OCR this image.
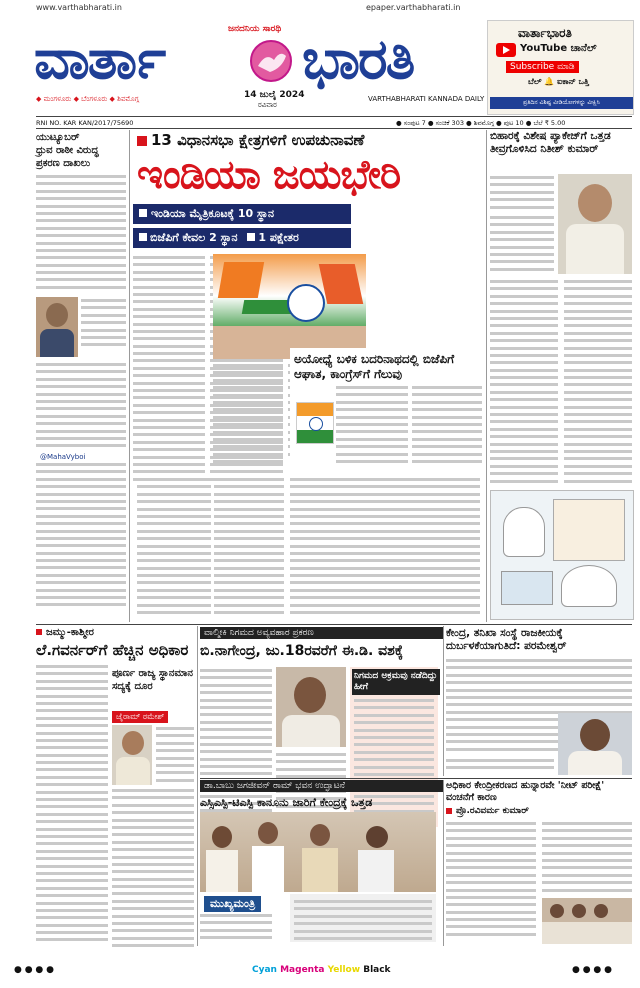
www.varthabharati.in
ಜನದನಿಯ ಸಾರಥಿ
epaper.varthabharati.in
ವಾರ್ತಾ ಭಾರತಿ
◆ ಮಂಗಳೂರು ◆ ಬೆಂಗಳೂರು ◆ ಶಿವಮೊಗ್ಗ	14 ಜುಲೈ 2024
ರವಿವಾರ
VARTHABHARATI KANNADA DAILY
ವಾರ್ತಾಭಾರತಿ
YouTube ಚಾನೆಲ್
Subscribe ಮಾಡಿ
ಬೆಲ್ 🔔 ಐಕಾನ್ ಒತ್ತಿ
ಪ್ರತಿದಿನ ವಿಶಿಷ್ಟ ವೀಡಿಯೋಗಳನ್ನು ವೀಕ್ಷಿಸಿ
RNI NO. KAR KAN/2017/75690	● ಸಂಪುಟ 7 ● ಸಂಚಿಕೆ 303 ● ಶಿವಮೊಗ್ಗ ● ಪುಟ 10 ● ಬೆಲೆ ₹ 5.00
ಯುಟ್ಯೂಬರ್
ಧ್ರುವ ರಾಠೀ ವಿರುದ್ಧ
ಪ್ರಕರಣ ದಾಖಲು
@MahaVyboi
13 ವಿಧಾನಸಭಾ ಕ್ಷೇತ್ರಗಳಿಗೆ ಉಪಚುನಾವಣೆ
ಇಂಡಿಯಾ ಜಯಭೇರಿ
ಇಂಡಿಯಾ ಮೈತ್ರಿಕೂಟಕ್ಕೆ 10 ಸ್ಥಾನ
ಬಿಜೆಪಿಗೆ ಕೇವಲ 2 ಸ್ಥಾನ 1 ಪಕ್ಷೇತರ
ಅಯೋಧ್ಯೆ ಬಳಿಕ ಬದರಿನಾಥದಲ್ಲಿ ಬಿಜೆಪಿಗೆ ಆಘಾತ, ಕಾಂಗ್ರೆಸ್‌ಗೆ ಗೆಲುವು
ಬಿಹಾರಕ್ಕೆ ವಿಶೇಷ ಪ್ಯಾಕೇಜ್‌ಗೆ ಒತ್ತಡ ತೀವ್ರಗೊಳಿಸಿದ ನಿತೀಶ್ ಕುಮಾರ್
ಜಮ್ಮು-ಕಾಶ್ಮೀರ
ಲೆ.ಗವರ್ನರ್‌ಗೆ ಹೆಚ್ಚಿನ ಅಧಿಕಾರ
ಪೂರ್ಣ ರಾಜ್ಯ ಸ್ಥಾನಮಾನ ಸದ್ಯಕ್ಕೆ ದೂರ
ಜೈರಾಮ್ ರಮೇಶ್
ವಾಲ್ಮೀಕಿ ನಿಗಮದ ಅವ್ಯವಹಾರ ಪ್ರಕರಣ
ಬಿ.ನಾಗೇಂದ್ರ, ಜು.18ರವರೆಗೆ ಈ.ಡಿ. ವಶಕ್ಕೆ
ನಿಗಮದ ಅಕ್ರಮವು ನಡೆದಿದ್ದು ಹೀಗೆ
ಕೇಂದ್ರ, ತನಿಖಾ ಸಂಸ್ಥೆ ರಾಜಕೀಯಕ್ಕೆ ದುರ್ಬಳಕೆಯಾಗುತಿದೆ: ಪರಮೇಶ್ವರ್
ಡಾ.ಬಾಬು ಜಗಜೀವನ್ ರಾಮ್ ಭವನ ಉದ್ಘಾಟನೆ
ಎಸ್ಸಿಎಸ್ಪಿ-ಟಿಎಸ್ಪಿ ಕಾನೂನು ಜಾರಿಗೆ ಕೇಂದ್ರಕ್ಕೆ ಒತ್ತಡ
ಮುಖ್ಯಮಂತ್ರಿ
ಅಧಿಕಾರ ಕೇಂದ್ರೀಕರಣದ ಹುನ್ನಾರವೇ 'ನೀಟ್ ಪರೀಕ್ಷೆ' ವಂಚನೆಗೆ ಕಾರಣ
ಪ್ರೊ.ರವಿವರ್ಮ ಕುಮಾರ್
● ● ● ●	Cyan Magenta Yellow Black	● ● ● ●
